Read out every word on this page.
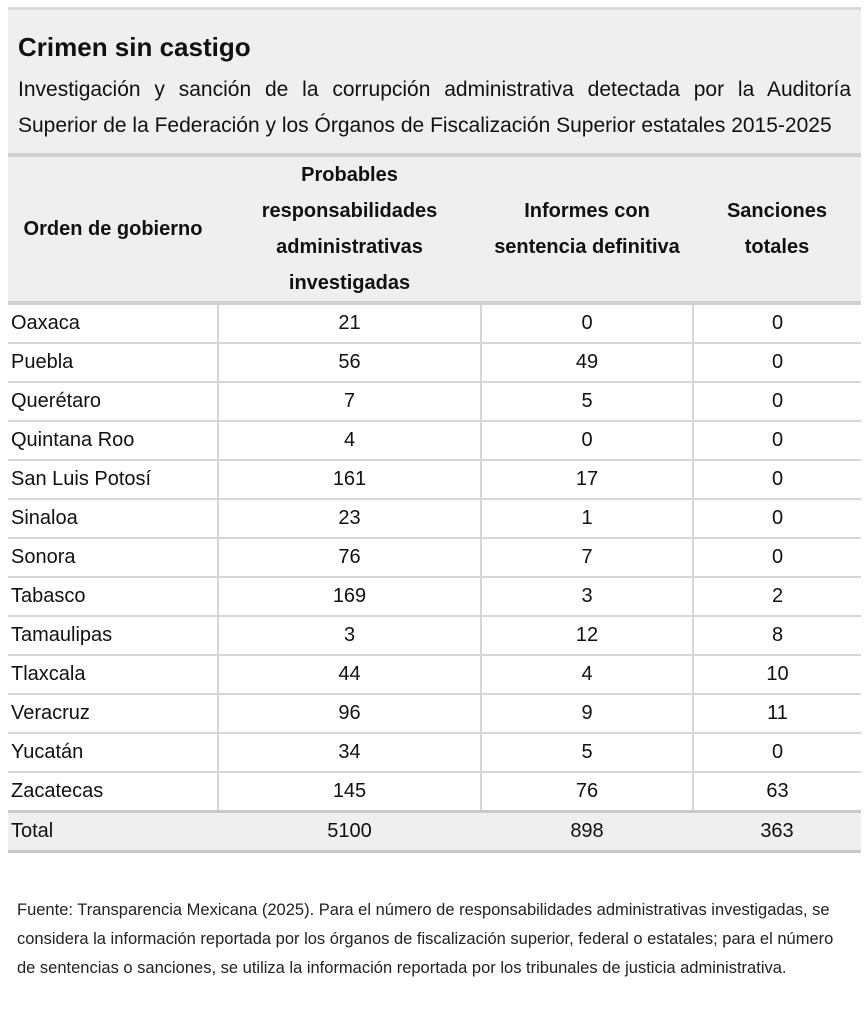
Crimen sin castigo

Investigación y sanción de la corrupción administrativa detectada por la Auditoría Superior de la Federación y los Órganos de Fiscalización Superior estatales 2015-2025

Orden de gobierno	Probables responsabilidades administrativas investigadas	Informes con sentencia definitiva	Sanciones totales
Oaxaca	21	0	0
Puebla	56	49	0
Querétaro	7	5	0
Quintana Roo	4	0	0
San Luis Potosí	161	17	0
Sinaloa	23	1	0
Sonora	76	7	0
Tabasco	169	3	2
Tamaulipas	3	12	8
Tlaxcala	44	4	10
Veracruz	96	9	11
Yucatán	34	5	0
Zacatecas	145	76	63
Total	5100	898	363

Fuente: Transparencia Mexicana (2025). Para el número de responsabilidades administrativas investigadas, se considera la información reportada por los órganos de fiscalización superior, federal o estatales; para el número de sentencias o sanciones, se utiliza la información reportada por los tribunales de justicia administrativa.
